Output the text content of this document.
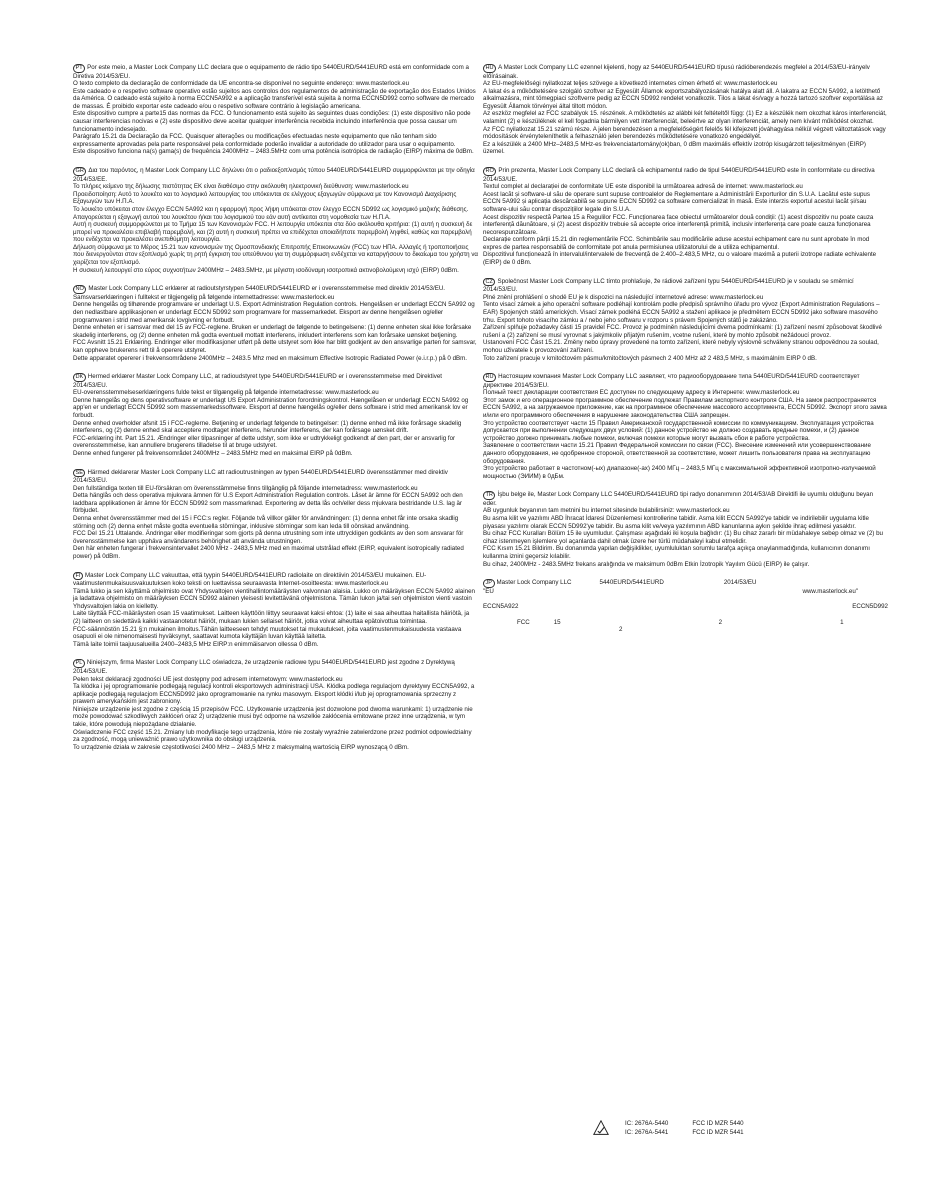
PT Por este meio, a Master Lock Company LLC declara que o equipamento de rádio tipo 5440EURD/5441EURD está em conformidade com a Diretiva 2014/53/EU.

O texto completo da declaração de conformidade da UE encontra-se disponível no seguinte endereço: www.masterlock.eu

Este cadeado e o respetivo software operativo estão sujeitos aos controlos dos regulamentos de administração de exportação dos Estados Unidos da América. O cadeado está sujeito à norma ECCN5A992 e a aplicação transferível está sujeita à norma ECCN5D992 como software de mercado de massas. É proibido exportar este cadeado e/ou o respetivo software contrário à legislação americana.

Este dispositivo cumpre a parte15 das normas da FCC. O funcionamento está sujeito às seguintes duas condições: (1) este dispositivo não pode causar interferencias nocivas e (2) este dispositivo deve aceitar qualquer interferência recebida incluindo interferência que possa causar um funcionamento indesejado.

Parágrafo 15.21 da Declaração da FCC. Quaisquer alterações ou modificações efectuadas neste equipamento que não tenham sido expressamente aprovadas pela parte responsável pela conformidade poderão invalidar a autoridade do utilizador para usar o equipamento.

Este dispositivo funciona na(s) gama(s) de frequência 2400MHz – 2483.5MHz com uma potência isotrópica de radiação (EIRP) máxima de 0dBm.

GR Δια του παρόντος, η Master Lock Company LLC δηλώνει ότι ο ραδιοεξοπλισμός τύπου 5440EURD/5441EURD συμμορφώνεται με την οδηγία 2014/53/ΕΕ.

Το πλήρες κείμενο της δήλωσης πιστότητας ΕΚ είναι διαθέσιμο στην ακόλουθη ηλεκτρονική διεύθυνση: www.masterlock.eu

Προειδοποίηση: Αυτό το λουκέτο και το λογισμικό λειτουργίας του υπόκεινται σε ελέγχους εξαγωγών σύμφωνα με τον Κανονισμό Διαχείρισης Εξαγωγών των Η.Π.Α.

Το λουκέτο υπόκειται στον έλεγχο ECCN 5A992 και η εφαρμογή προς λήψη υπόκειται στον έλεγχο ECCN 5D992 ως λογισμικό μαζικής διάθεσης.

Απαγορεύεται η εξαγωγή αυτού του λουκέτου ή/και του λογισμικού του εάν αυτή αντίκειται στη νομοθεσία των Η.Π.Α.

Αυτή η συσκευή συμμορφώνεται με το Τμήμα 15 των Κανονισμών FCC. Η λειτουργία υπόκειται στα δύο ακόλουθα κριτήρια: (1) αυτή η συσκευή δε μπορεί να προκαλέσει επιβλαβή παρεμβολή, και (2) αυτή η συσκευή πρέπει να επιδέχεται οποιαδήποτε παρεμβολή ληφθεί, καθώς και παρεμβολή που ενδέχεται να προκαλέσει ανεπιθύμητη λειτουργία.

Δήλωση σύμφωνα με το Μέρος 15.21 των κανονισμών της Ομοσπονδιακής Επιτροπής Επικοινωνιών (FCC) των ΗΠΑ. Αλλαγές ή τροποποιήσεις που διενεργούνται στον εξοπλισμό χωρίς τη ρητή έγκριση του υπεύθυνου για τη συμμόρφωση ενδέχεται να καταργήσουν το δικαίωμα του χρήστη να χειρίζεται τον εξοπλισμό.

Η συσκευή λειτουργεί στο εύρος συχνοτήτων 2400MHz – 2483.5MHz, με μέγιστη ισοδύναμη ισοτροπικά ακτινοβολούμενη ισχύ (EIRP) 0dBm.

NO Master Lock Company LLC erklærer at radioutstyrstypen 5440EURD/5441EURD er i overensstemmelse med direktiv 2014/53/EU.

Samsvarserklæringen i fulltekst er tilgjengelig på følgende internettadresse: www.masterlock.eu

Denne hengelås og tilhørende programvare er underlagt U.S. Export Administration Regulation controls. Hengelåsen er underlagt ECCN 5A992 og den nedlastbare applikasjonen er underlagt ECCN 5D992 som programvare for massemarkedet. Eksport av denne hengelåsen og/eller programvaren i strid med amerikansk lovgivning er forbudt.

Denne enheten er i samsvar med del 15 av FCC-reglene. Bruken er underlagt de følgende to betingelsene: (1) denne enheten skal ikke forårsake skadelig interferens, og (2) denne enheten må godta eventuell mottatt interferens, inkludert interferens som kan forårsake uønsket betjening.

FCC Avsnitt 15.21 Erklæring. Endringer eller modifikasjoner utført på dette utstyret som ikke har blitt godkjent av den ansvarlige parten for samsvar, kan oppheve brukerens rett til å operere utstyret.

Dette apparatet opererer i frekvensområdene 2400MHz – 2483.5 Mhz med en maksimum Effective Isotropic Radiated Power (e.i.r.p.) på 0 dBm.

DK Hermed erklærer Master Lock Company LLC, at radioudstyret type 5440EURD/5441EURD er i overensstemmelse med Direktivet 2014/53/EU.

EU-overensstemmelseserklæringens fulde tekst er tilgængelig på følgende internetadresse: www.masterlock.eu

Denne hængelås og dens operativsoftware er underlagt US Export Administration forordningskontrol. Hængelåsen er underlagt ECCN 5A992 og app'en er underlagt ECCN 5D992 som massemarkedssoftware. Eksport af denne hængelås og/eller dens software i strid med amerikansk lov er forbudt.

Denne enhed overholder afsnit 15 i FCC-reglerne. Betjening er underlagt følgende to betingelser: (1) denne enhed må ikke forårsage skadelig interferens, og (2) denne enhed skal acceptere modtaget interferens, herunder interferens, der kan forårsage uønsket drift.

FCC-erklæring iht. Part 15.21. Ændringer eller tilpasninger af dette udstyr, som ikke er udtrykkeligt godkendt af den part, der er ansvarlig for overensstemmelse, kan annullere brugerens tilladelse til at bruge udstyret.

Denne enhed fungerer på frekvensområdet 2400MHz – 2483.5MHz med en maksimal EIRP på 0dBm.

SE Härmed deklarerar Master Lock Company LLC att radioutrustningen av typen 5440EURD/5441EURD överensstämmer med direktiv 2014/53/EU.

Den fullständiga texten till EU-försäkran om överensstämmelse finns tillgänglig på följande internetadress: www.masterlock.eu

Detta hänglås och dess operativa mjukvara ämnen för U.S Export Administration Regulation controls. Låset är ämne för ECCN 5A992 och den laddbara applikationen är ämne för ECCN 5D992 som massmarknad. Exportering av detta lås och/eller dess mjukvara bestridande U.S. lag är förbjudet.

Denna enhet överensstämmer med del 15 i FCC:s regler. Följande två villkor gäller för användningen: (1) denna enhet får inte orsaka skadlig störning och (2) denna enhet måste godta eventuella störningar, inklusive störningar som kan leda till oönskad användning.

FCC Del 15.21 Uttalande. Ändringar eller modifieringar som gjorts på denna utrustning som inte uttryckligen godkänts av den som ansvarar för överensstämmelse kan upphäva användarens behörighet att använda utrustningen.

Den här enheten fungerar i frekvensintervallet 2400 MHz - 2483,5 MHz med en maximal utstrålad effekt (EIRP, equivalent isotropically radiated power) på 0dBm.

FI Master Lock Company LLC vakuuttaa, että tyypin 5440EURD/5441EURD radiolaite on direktiivin 2014/53/EU mukainen. EU-vaatimustenmukaisuusvakuutuksen koko teksti on luettavissa seuraavasta Internet-osoitteesta: www.masterlock.eu

Tämä lukko ja sen käyttämä ohjelmisto ovat Yhdysvaltojen vientihallintomääräysten valvonnan alaisia. Lukko on määräyksen ECCN 5A992 alainen ja ladattava ohjelmisto on määräyksen ECCN 5D992 alainen yleisesti levitettävänä ohjelmistona. Tämän lukon ja/tai sen ohjelmiston vienti vastoin Yhdysvaltojen lakia on kielletty.

Laite täyttää FCC-määräysten osan 15 vaatimukset. Laitteen käyttöön liittyy seuraavat kaksi ehtoa: (1) laite ei saa aiheuttaa haitallista häiriötä, ja (2) laitteen on siedettävä kaikki vastaanotetut häiriöt, mukaan lukien sellaiset häiriöt, jotka voivat aiheuttaa epätoivottua toimintaa.

FCC-säännöstön 15.21 §:n mukainen ilmoitus.Tähän laitteeseen tehdyt muutokset tai mukautukset, joita vaatimustenmukaisuudesta vastaava osapuoli ei ole nimenomaisesti hyväksynyt, saattavat kumota käyttäjän luvan käyttää laitetta.

Tämä laite toimii taajuusalueilla 2400–2483,5 MHz EIRP:n enimmäisarvon ollessa 0 dBm.

PL Niniejszym, firma Master Lock Company LLC oświadcza, że urządzenie radiowe typu 5440EURD/5441EURD jest zgodne z Dyrektywą 2014/53/UE.

Pełen tekst deklaracji zgodności UE jest dostępny pod adresem internetowym: www.masterlock.eu

Ta kłódka i jej oprogramowanie podlegają regulacji kontroli eksportowych administracji USA. Kłódka podlega regulacjom dyrektywy ECCN5A992, a aplikacje podlegają regulacjom ECCN5D992 jako oprogramowanie na rynku masowym. Eksport kłódki i/lub jej oprogramowania sprzeczny z prawem amerykańskim jest zabroniony.

Niniejsze urządzenie jest zgodne z częścią 15 przepisów FCC. Użytkowanie urządzenia jest dozwolone pod dwoma warunkami: 1) urządzenie nie może powodować szkodliwych zakłóceń oraz 2) urządzenie musi być odporne na wszelkie zakłócenia emitowane przez inne urządzenia, w tym takie, które powodują niepożądane działanie.

Oświadczenie FCC część 15.21. Zmiany lub modyfikacje tego urządzenia, które nie zostały wyraźnie zatwierdzone przez podmiot odpowiedzialny za zgodność, mogą unieważnić prawo użytkownika do obsługi urządzenia.

To urządzenie działa w zakresie częstotliwości 2400 MHz – 2483,5 MHz z maksymalną wartością EIRP wynoszącą 0 dBm.

HU A Master Lock Company LLC ezennel kijelenti, hogy az 5440EURD/5441EURD típusú rádióberendezés megfelel a 2014/53/EU-irányelv előírásainak.

Az EU-megfelelőségi nyilatkozat teljes szövege a következő internetes címen érhető el: www.masterlock.eu

A lakat és a működtetésére szolgáló szoftver az Egyesült Államok exportszabályozásának hatálya alatt áll. A lakatra az ECCN 5A992, a letölthető alkalmazásra, mint tömegpiaci szoftverre pedig az ECCN 5D992 rendelet vonatkozik. Tilos a lakat és/vagy a hozzá tartozó szoftver exportálása az Egyesült Államok törvényei által tiltott módon.

Az eszköz megfelel az FCC szabályok 15. részének. A működtetés az alábbi két feltételtől függ: (1) Ez a készülék nem okozhat káros interferenciát, valamint (2) e készüléknek el kell fogadnia bármilyen vett interferenciát, beleértve az olyan interferenciát, amely nem kívánt működést okozhat.

Az FCC nyilatkozat 15.21 számú része. A jelen berendezésen a megfelelőségért felelős fél kifejezett jóváhagyása nélkül végzett változtatások vagy módosítások érvényteleníthetik a felhasználó jelen berendezés működtetésére vonatkozó engedélyét.

Ez a készülék a 2400 MHz–2483,5 MHz-es frekvenciatartomány(ok)ban, 0 dBm maximális effektív izotróp kisugárzott teljesítményen (EIRP) üzemel.

RO Prin prezenta, Master Lock Company LLC declară că echipamentul radio de tipul 5440EURD/5441EURD este în conformitate cu directiva 2014/53/UE.

Textul complet al declarației de conformitate UE este disponibil la următoarea adresă de internet: www.masterlock.eu

Acest lacăt și software-ul său de operare sunt supuse controalelor de Reglementare a Administrării Exporturilor din S.U.A. Lacătul este supus ECCN 5A992 și aplicația descărcabilă se supune ECCN 5D992 ca software comercializat în masă. Este interzis exportul acestui lacăt și/sau software-ului său contrar dispozițiilor legale din S.U.A.

Acest dispozitiv respectă Partea 15 a Regulilor FCC. Funcționarea face obiectul următoarelor două condiții: (1) acest dispozitiv nu poate cauza interferență dăunătoare, și (2) acest dispozitiv trebuie să accepte orice interferență primită, inclusiv interferența care poate cauza funcționarea necorespunzătoare.

Declarație conform părții 15.21 din reglementările FCC. Schimbările sau modificările aduse acestui echipament care nu sunt aprobate în mod expres de partea responsabilă de conformitate pot anula permisiunea utilizatorului de a utiliza echipamentul.

Dispozitivul funcționează în intervalul/intervalele de frecvență de 2.400–2.483,5 MHz, cu o valoare maximă a puterii izotrope radiate echivalente (EIRP) de 0 dBm.

CZ Společnost Master Lock Company LLC tímto prohlašuje, že rádiové zařízení typu 5440EURD/5441EURD je v souladu se směrnicí 2014/53/EU.

Plné znění prohlášení o shodě EU je k dispozici na následující internetové adrese: www.masterlock.eu

Tento visací zámek a jeho operační software podléhají kontrolám podle předpisů správního úřadu pro vývoz (Export Administration Regulations – EAR) Spojených států amerických. Visací zámek podléhá ECCN 5A992 a stažení aplikace je předmětem ECCN 5D992 jako software masového trhu. Export tohoto visacího zámku a / nebo jeho softwaru v rozporu s právem Spojených států je zakázáno.

Zařízení splňuje požadavky části 15 pravidel FCC. Provoz je podmíněn následujícími dvema podmínkami: (1) zařízení nesmí způsobovat škodlivé rušení a (2) zařízení se musí vyrovnat s jakýmkoliv přijatým rušením, vcetne rušení, které by mohlo způsobit nežádoucí provoz.

Ustanovení FCC Část 15.21. Změny nebo úpravy provedené na tomto zařízení, které nebyly výslovně schváleny stranou odpovědnou za soulad, mohou uživatele k provozování zařízení.

Toto zařízení pracuje v kmitočtovém pásmu/kmitočtových pásmech 2 400 MHz až 2 483,5 MHz, s maximálním EIRP 0 dB.

RU Настоящим компания Master Lock Company LLC заявляет, что радиооборудование типа 5440EURD/5441EURD соответствует директиве 2014/53/EU.

Полный текст декларации соответствия ЕС доступен по следующему адресу в Интернете: www.masterlock.eu

Этот замок и его операционное программное обеспечение подлежат Правилам экспортного контроля США. На замок распространяется ECCN 5A992, а на загружаемое приложение, как на программное обеспечение массового ассортимента, ECCN 5D992. Экспорт этого замка и/или его программного обеспечения в нарушение законодательства США запрещен.

Это устройство соответствует части 15 Правил Американской государственной комиссии по коммуникациям. Эксплуатация устройства допускается при выполнении следующих двух условий: (1) данное устройство не должно создавать вредные помехи, и (2) данное устройство должно принимать любые помехи, включая помехи которые могут вызвать сбои в работе устройства.

Заявление о соответствии части 15.21 Правил Федеральной комиссии по связи (FCC). Внесение изменений или усовершенствование данного оборудования, не одобренное стороной, ответственной за соответствие, может лишить пользователя права на эксплуатацию оборудования.

Это устройство работает в частотном(-ых) диапазоне(-ах) 2400 МГц – 2483,5 МГц с максимальной эффективной изотропно-излучаемой мощностью (ЭИИМ) в 0дБм.

TR İşbu belge ile, Master Lock Company LLC 5440EURD/5441EURD tipi radyo donanımının 2014/53/AB Direktifi ile uyumlu olduğunu beyan eder.

AB uygunluk beyanının tam metnini bu internet sitesinde bulabilirsiniz: www.masterlock.eu

Bu asma kilit ve yazılımı ABD İhracat İdaresi Düzenlemesi kontrollerine tabidir. Asma kilit ECCN 5A992'ye tabidir ve indirilebilir uygulama kitle piyasası yazılımı olarak ECCN 5D992'ye tabidir. Bu asma kilit ve/veya yazılımının ABD kanunlarına aykırı şekilde ihraç edilmesi yasaktır.

Bu cihaz FCC Kuralları Bölüm 15 ile uyumludur. Çalışması aşağıdaki iki koşula bağlıdır: (1) Bu cihaz zararlı bir müdahaleye sebep olmaz ve (2) bu cihaz istenmeyen işlemlere yol açanlarda dahil olmak üzere her türlü müdahaleyi kabul etmelidir.

FCC Kısım 15.21 Bildirim. Bu donanımda yapılan değişiklikler, uyumluluktan sorumlu tarafça açıkça onaylanmadığında, kullanıcının donanımı kullanma iznini geçersiz kılabilir.

Bu cihaz, 2400MHz - 2483.5MHz frekans aralığında ve maksimum 0dBm Etkin İzotropik Yayılım Gücü (EIRP) ile çalışır.

JP Master Lock Company LLC	5440EURD/5441EURD	2014/53/EU
"EU	www.masterlock.eu"
ECCN5A922	ECCN5D992
FCC	15	2	1
2
IC: 2676A-5440
IC: 2676A-5441
FCC ID MZR 5440
FCC ID MZR 5441
